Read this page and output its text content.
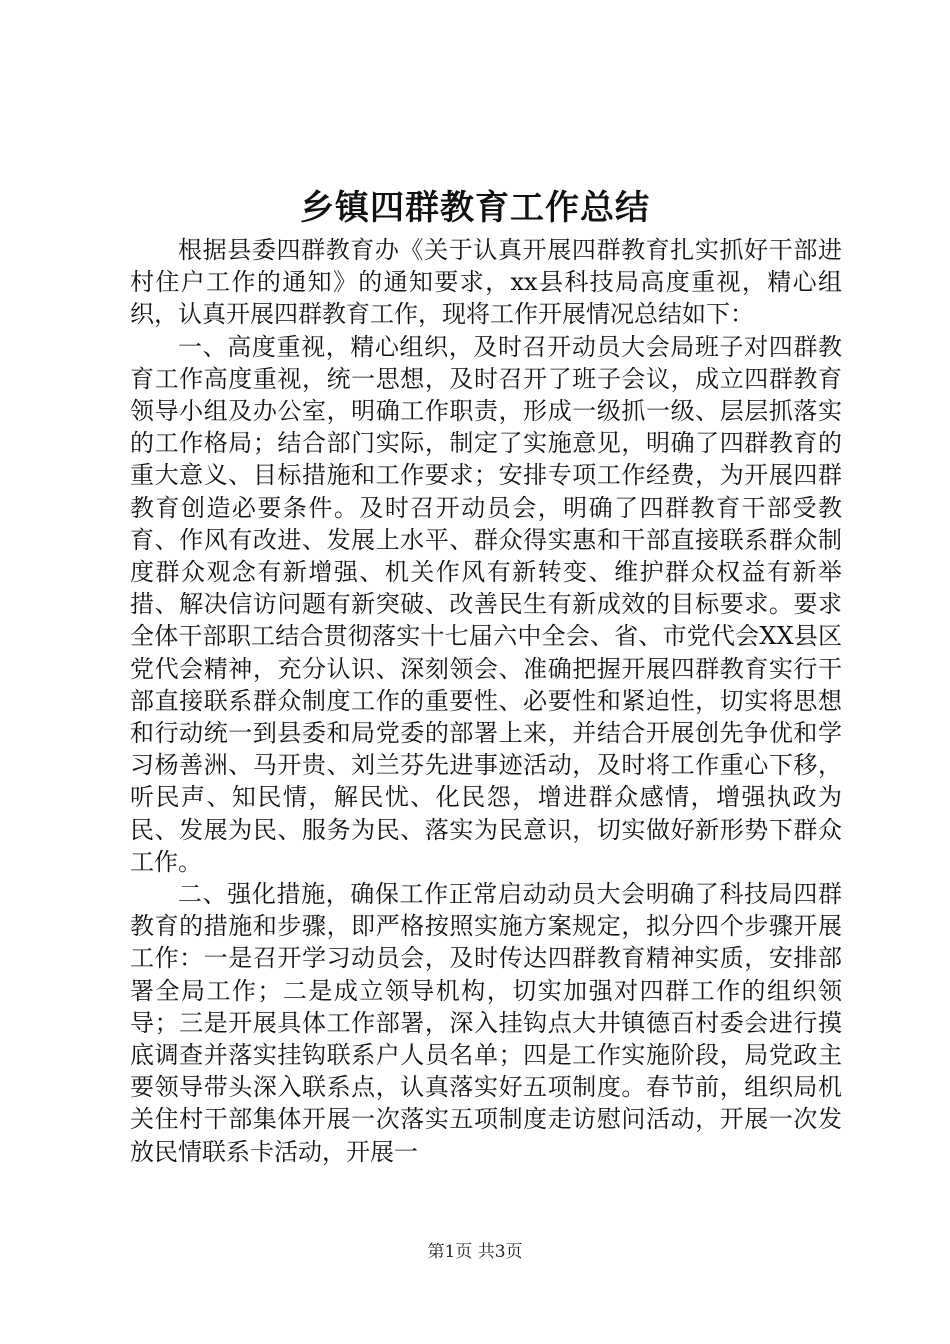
乡镇四群教育工作总结

根据县委四群教育办《关于认真开展四群教育扎实抓好干部进村住户工作的通知》的通知要求，xx县科技局高度重视，精心组织，认真开展四群教育工作，现将工作开展情况总结如下：

一、高度重视，精心组织，及时召开动员大会局班子对四群教育工作高度重视，统一思想，及时召开了班子会议，成立四群教育领导小组及办公室，明确工作职责，形成一级抓一级、层层抓落实的工作格局；结合部门实际，制定了实施意见，明确了四群教育的重大意义、目标措施和工作要求；安排专项工作经费，为开展四群教育创造必要条件。及时召开动员会，明确了四群教育干部受教育、作风有改进、发展上水平、群众得实惠和干部直接联系群众制度群众观念有新增强、机关作风有新转变、维护群众权益有新举措、解决信访问题有新突破、改善民生有新成效的目标要求。要求全体干部职工结合贯彻落实十七届六中全会、省、市党代会XX县区党代会精神，充分认识、深刻领会、准确把握开展四群教育实行干部直接联系群众制度工作的重要性、必要性和紧迫性，切实将思想和行动统一到县委和局党委的部署上来，并结合开展创先争优和学习杨善洲、马开贵、刘兰芬先进事迹活动，及时将工作重心下移，听民声、知民情，解民忧、化民怨，增进群众感情，增强执政为民、发展为民、服务为民、落实为民意识，切实做好新形势下群众工作。

二、强化措施，确保工作正常启动动员大会明确了科技局四群教育的措施和步骤，即严格按照实施方案规定，拟分四个步骤开展工作：一是召开学习动员会，及时传达四群教育精神实质，安排部署全局工作；二是成立领导机构，切实加强对四群工作的组织领导；三是开展具体工作部署，深入挂钩点大井镇德百村委会进行摸底调查并落实挂钩联系户人员名单；四是工作实施阶段，局党政主要领导带头深入联系点，认真落实好五项制度。春节前，组织局机关住村干部集体开展一次落实五项制度走访慰问活动，开展一次发放民情联系卡活动，开展一

第1页 共3页
